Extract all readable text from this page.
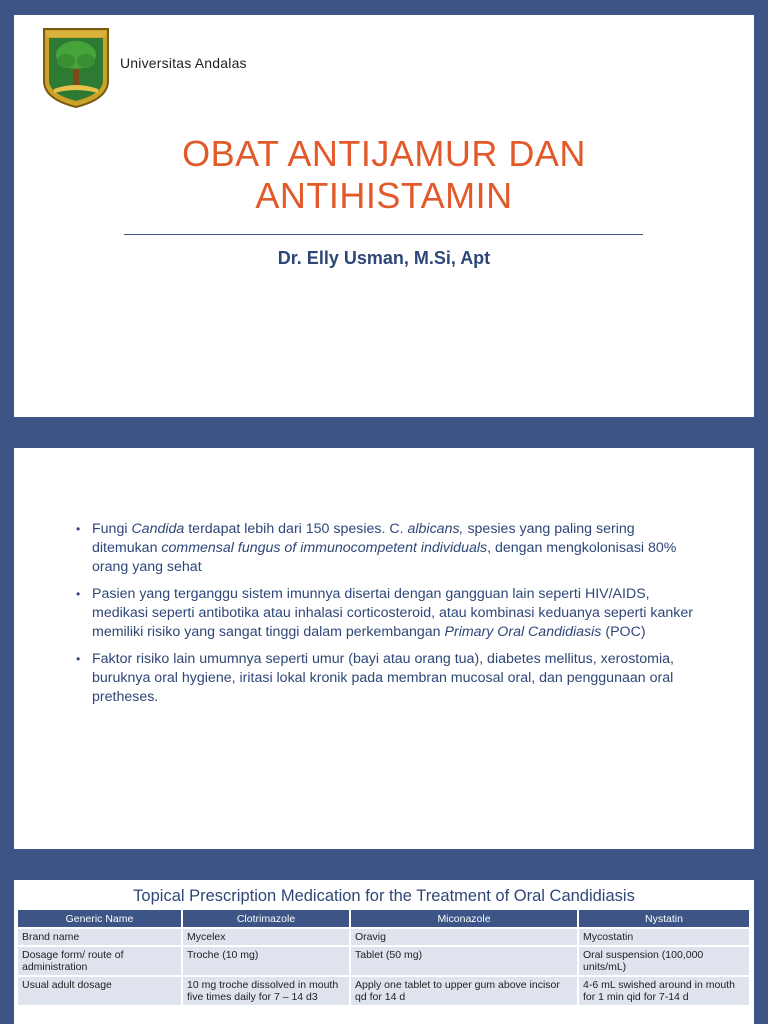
Universitas Andalas
OBAT ANTIJAMUR DAN
ANTIHISTAMIN
Dr. Elly Usman, M.Si, Apt
• Fungi Candida terdapat lebih dari 150 spesies. C. albicans, spesies yang paling sering ditemukan commensal fungus of immunocompetent individuals, dengan mengkolonisasi 80% orang yang sehat
• Pasien yang terganggu sistem imunnya disertai dengan gangguan lain seperti HIV/AIDS, medikasi seperti antibotika atau inhalasi corticosteroid, atau kombinasi keduanya seperti kanker memiliki risiko yang sangat tinggi dalam perkembangan Primary Oral Candidiasis (POC)
• Faktor risiko lain umumnya seperti umur (bayi atau orang tua), diabetes mellitus, xerostomia, buruknya oral hygiene, iritasi lokal kronik pada membran mucosal oral, dan penggunaan oral pretheses.
Topical Prescription Medication for the Treatment of Oral Candidiasis
Generic Name	Clotrimazole	Miconazole	Nystatin
Brand name	Mycelex	Oravig	Mycostatin
Dosage form/ route of administration	Troche (10 mg)	Tablet (50 mg)	Oral suspension (100,000 units/mL)
Usual adult dosage	10 mg troche dissolved in mouth five times daily for 7 – 14 d3	Apply one tablet to upper gum above incisor qd for 14 d	4-6 mL swished around in mouth for 1 min qid for 7-14 d
